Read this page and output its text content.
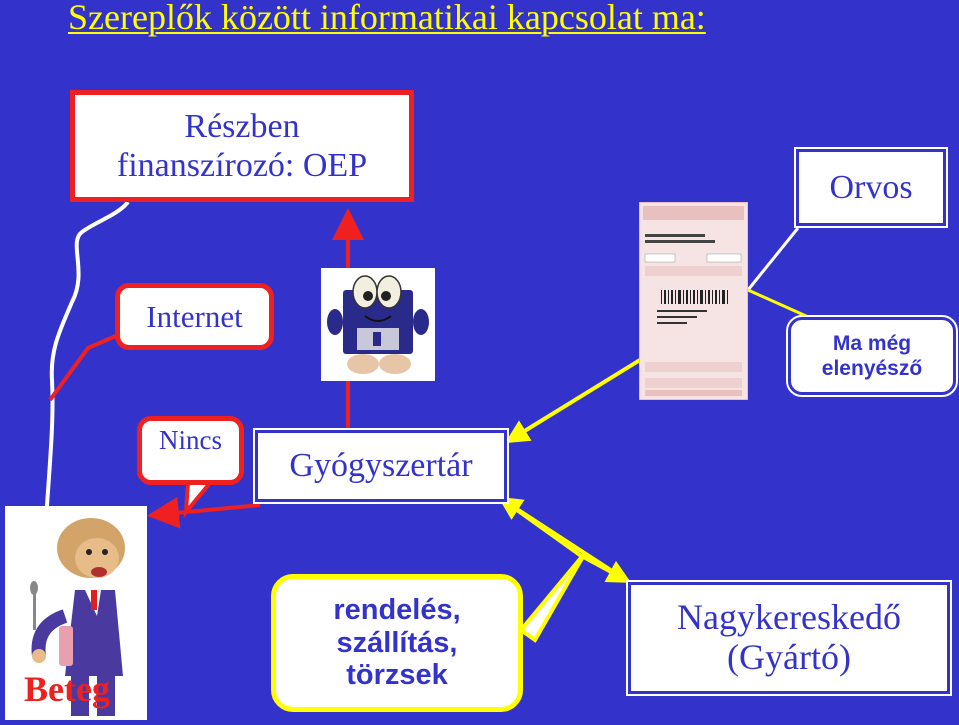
Szereplők között informatikai kapcsolat ma:
Részben
finanszírozó: OEP
Orvos
Internet
Ma még
elenyésző
Nincs
Gyógyszertár
rendelés,
szállítás,
törzsek
Nagykereskedő
(Gyártó)
Beteg
